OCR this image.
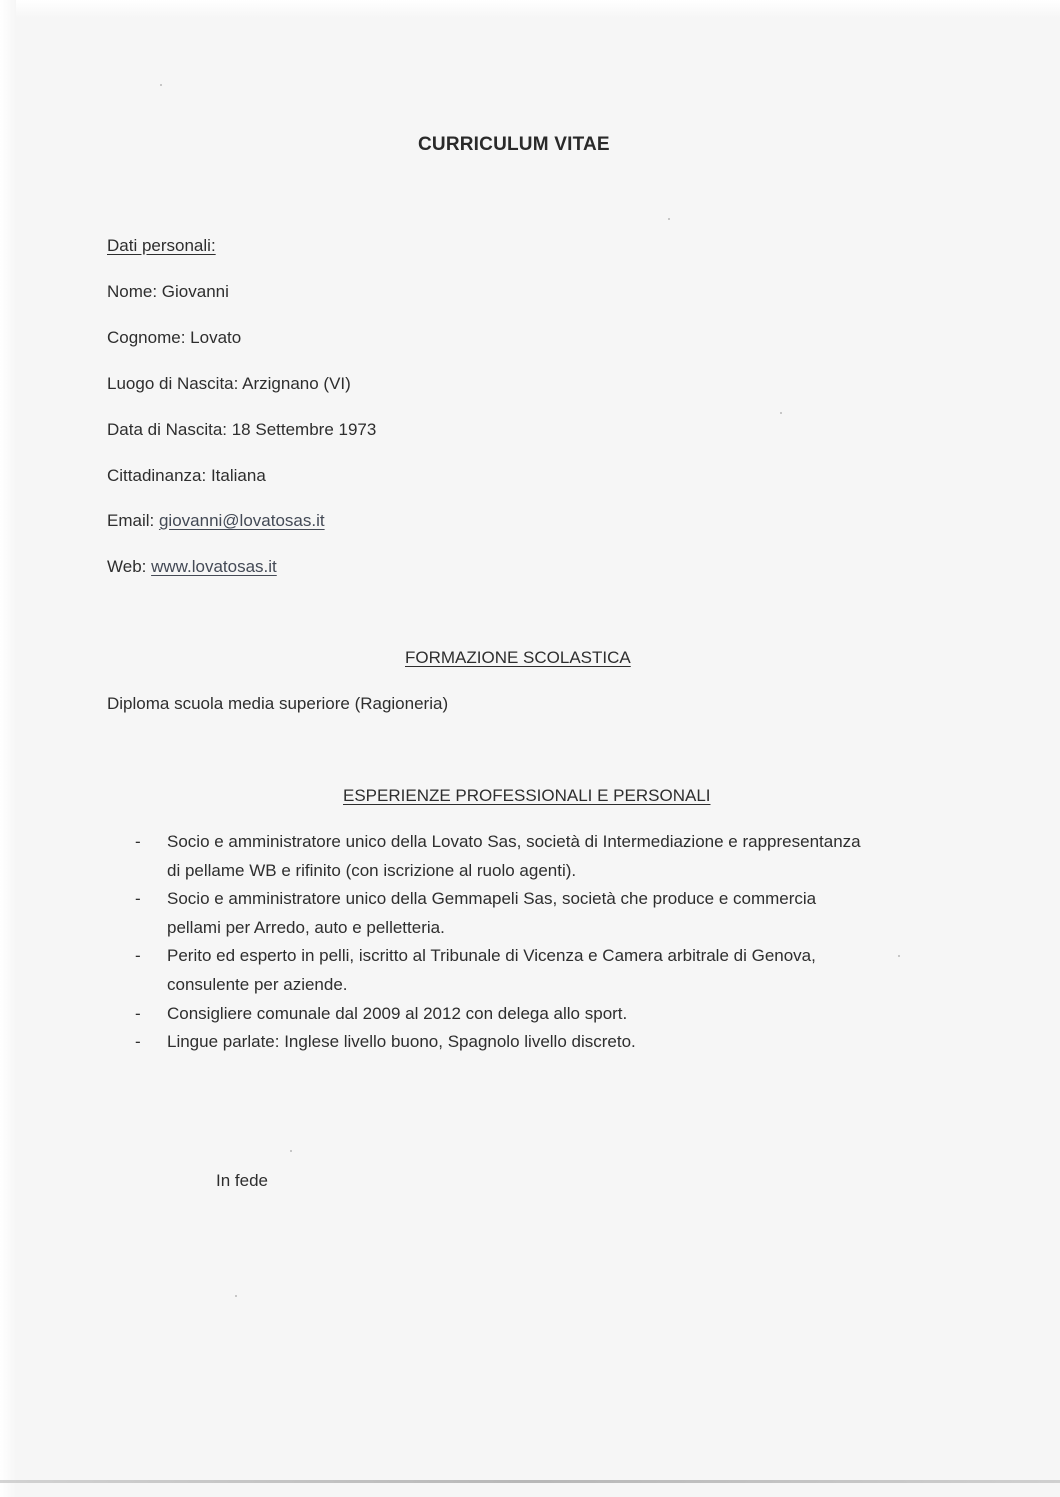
CURRICULUM VITAE
Dati personali:
Nome: Giovanni
Cognome: Lovato
Luogo di Nascita: Arzignano (VI)
Data di Nascita: 18 Settembre 1973
Cittadinanza: Italiana
Email: giovanni@lovatosas.it
Web: www.lovatosas.it
FORMAZIONE SCOLASTICA
Diploma scuola media superiore (Ragioneria)
ESPERIENZE PROFESSIONALI E PERSONALI
- Socio e amministratore unico della Lovato Sas, società di Intermediazione e rappresentanza
di pellame WB e rifinito (con iscrizione al ruolo agenti).
- Socio e amministratore unico della Gemmapeli Sas, società che produce e commercia
pellami per Arredo, auto e pelletteria.
- Perito ed esperto in pelli, iscritto al Tribunale di Vicenza e Camera arbitrale di Genova,
consulente per aziende.
- Consigliere comunale dal 2009 al 2012 con delega allo sport.
- Lingue parlate: Inglese livello buono, Spagnolo livello discreto.
In fede
